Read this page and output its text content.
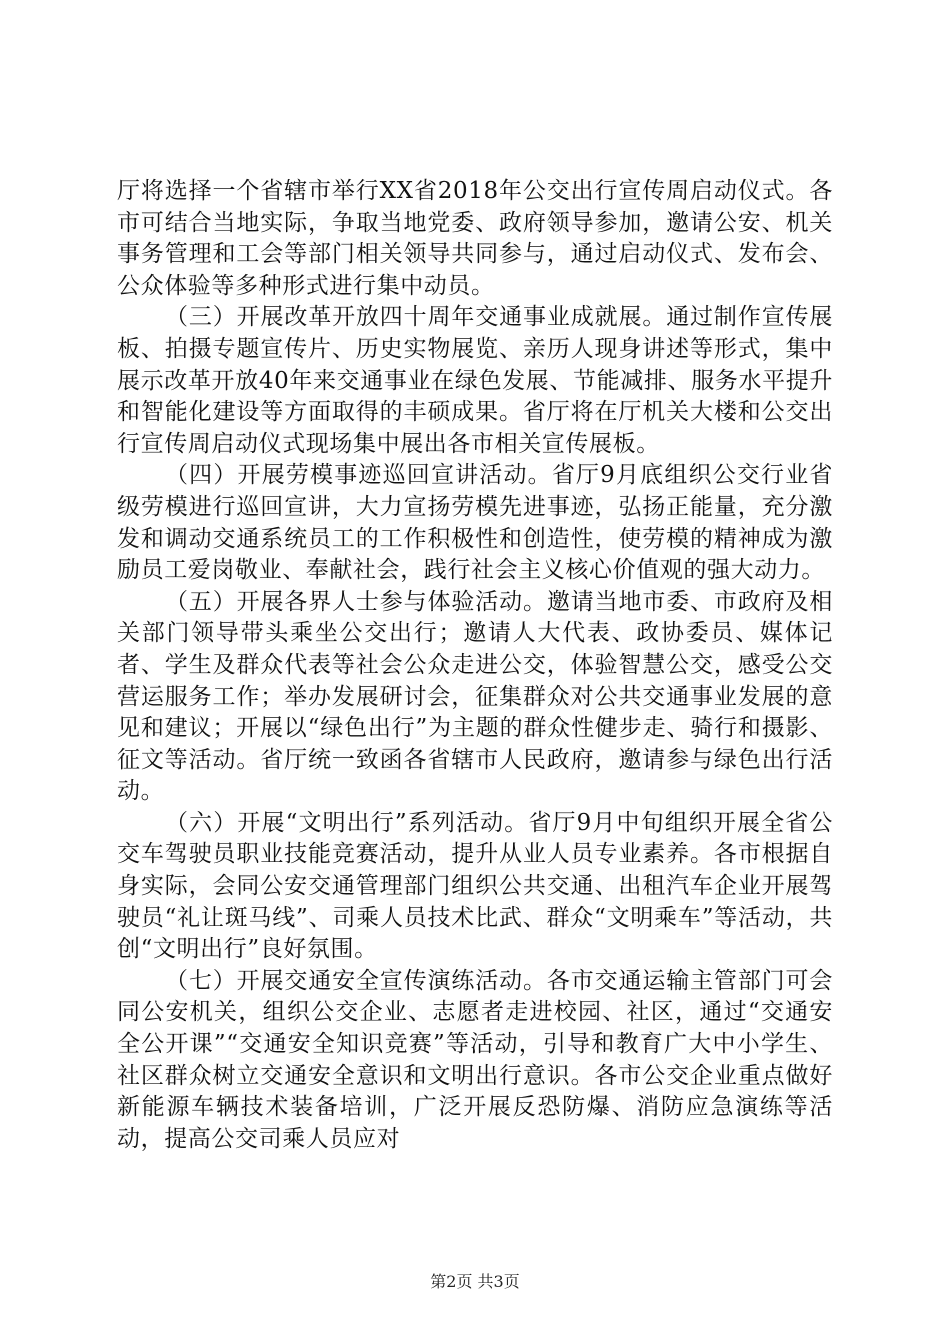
厅将选择一个省辖市举行XX省2018年公交出行宣传周启动仪式。各市可结合当地实际，争取当地党委、政府领导参加，邀请公安、机关事务管理和工会等部门相关领导共同参与，通过启动仪式、发布会、公众体验等多种形式进行集中动员。

（三）开展改革开放四十周年交通事业成就展。通过制作宣传展板、拍摄专题宣传片、历史实物展览、亲历人现身讲述等形式，集中展示改革开放40年来交通事业在绿色发展、节能减排、服务水平提升和智能化建设等方面取得的丰硕成果。省厅将在厅机关大楼和公交出行宣传周启动仪式现场集中展出各市相关宣传展板。

（四）开展劳模事迹巡回宣讲活动。省厅9月底组织公交行业省级劳模进行巡回宣讲，大力宣扬劳模先进事迹，弘扬正能量，充分激发和调动交通系统员工的工作积极性和创造性，使劳模的精神成为激励员工爱岗敬业、奉献社会，践行社会主义核心价值观的强大动力。

（五）开展各界人士参与体验活动。邀请当地市委、市政府及相关部门领导带头乘坐公交出行；邀请人大代表、政协委员、媒体记者、学生及群众代表等社会公众走进公交，体验智慧公交，感受公交营运服务工作；举办发展研讨会，征集群众对公共交通事业发展的意见和建议；开展以“绿色出行”为主题的群众性健步走、骑行和摄影、征文等活动。省厅统一致函各省辖市人民政府，邀请参与绿色出行活动。

（六）开展“文明出行”系列活动。省厅9月中旬组织开展全省公交车驾驶员职业技能竞赛活动，提升从业人员专业素养。各市根据自身实际，会同公安交通管理部门组织公共交通、出租汽车企业开展驾驶员“礼让斑马线”、司乘人员技术比武、群众“文明乘车”等活动，共创“文明出行”良好氛围。

（七）开展交通安全宣传演练活动。各市交通运输主管部门可会同公安机关，组织公交企业、志愿者走进校园、社区，通过“交通安全公开课”“交通安全知识竞赛”等活动，引导和教育广大中小学生、社区群众树立交通安全意识和文明出行意识。各市公交企业重点做好新能源车辆技术装备培训，广泛开展反恐防爆、消防应急演练等活动，提高公交司乘人员应对

第2页 共3页
